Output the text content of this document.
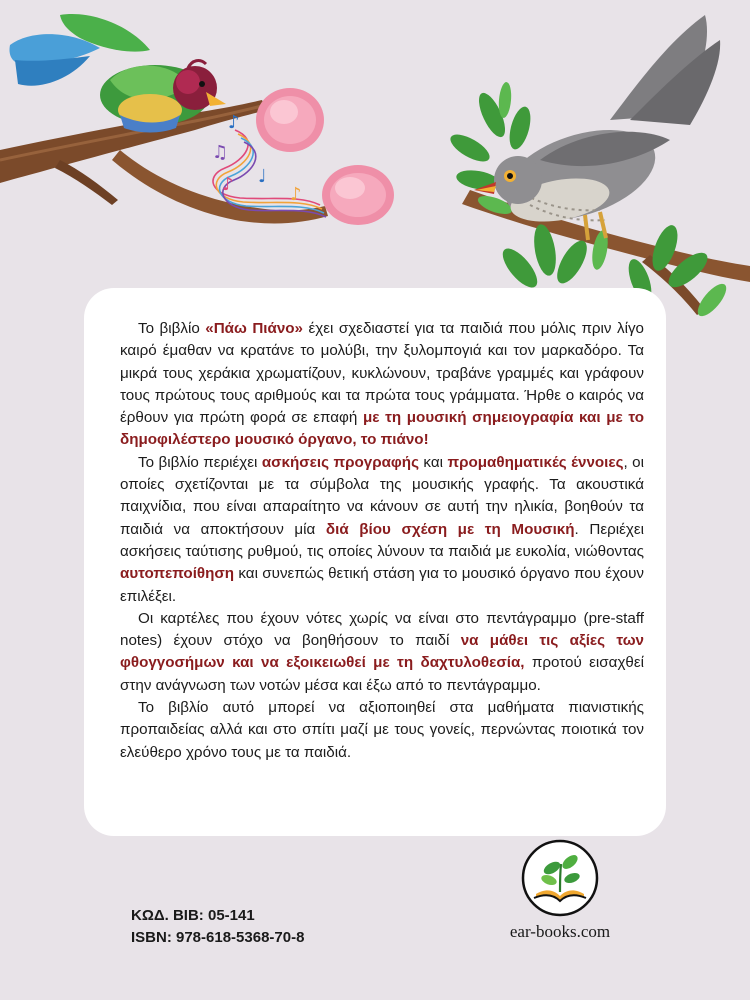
♪
♫
♪ ♩
♪

Το βιβλίο «Πάω Πιάνο» έχει σχεδιαστεί για τα παιδιά που μόλις πριν λίγο καιρό έμαθαν να κρατάνε το μολύβι, την ξυλομπογιά και τον μαρκαδόρο. Τα μικρά τους χεράκια χρωματίζουν, κυκλώνουν, τραβάνε γραμμές και γράφουν τους πρώτους τους αριθμούς και τα πρώτα τους γράμματα. Ήρθε ο καιρός να έρθουν για πρώτη φορά σε επαφή με τη μουσική σημειογραφία και με το δημοφιλέστερο μουσικό όργανο, το πιάνο!

Το βιβλίο περιέχει ασκήσεις προγραφής και προμαθηματικές έννοιες, οι οποίες σχετίζονται με τα σύμβολα της μουσικής γραφής. Τα ακουστικά παιχνίδια, που είναι απαραίτητο να κάνουν σε αυτή την ηλικία, βοηθούν τα παιδιά να αποκτήσουν μία διά βίου σχέση με τη Μουσική. Περιέχει ασκήσεις ταύτισης ρυθμού, τις οποίες λύνουν τα παιδιά με ευκολία, νιώθοντας αυτοπεποίθηση και συνεπώς θετική στάση για το μουσικό όργανο που έχουν επιλέξει.

Οι καρτέλες που έχουν νότες χωρίς να είναι στο πεντάγραμμο (pre-staff notes) έχουν στόχο να βοηθήσουν το παιδί να μάθει τις αξίες των φθογγοσήμων και να εξοικειωθεί με τη δαχτυλοθεσία, προτού εισαχθεί στην ανάγνωση των νοτών μέσα και έξω από το πεντάγραμμο.

Το βιβλίο αυτό μπορεί να αξιοποιηθεί στα μαθήματα πιανιστικής προπαιδείας αλλά και στο σπίτι μαζί με τους γονείς, περνώντας ποιοτικά τον ελεύθερο χρόνο τους με τα παιδιά.

ΚΩΔ. ΒΙΒ: 05-141
ISBN: 978-618-5368-70-8	ear-books.com
